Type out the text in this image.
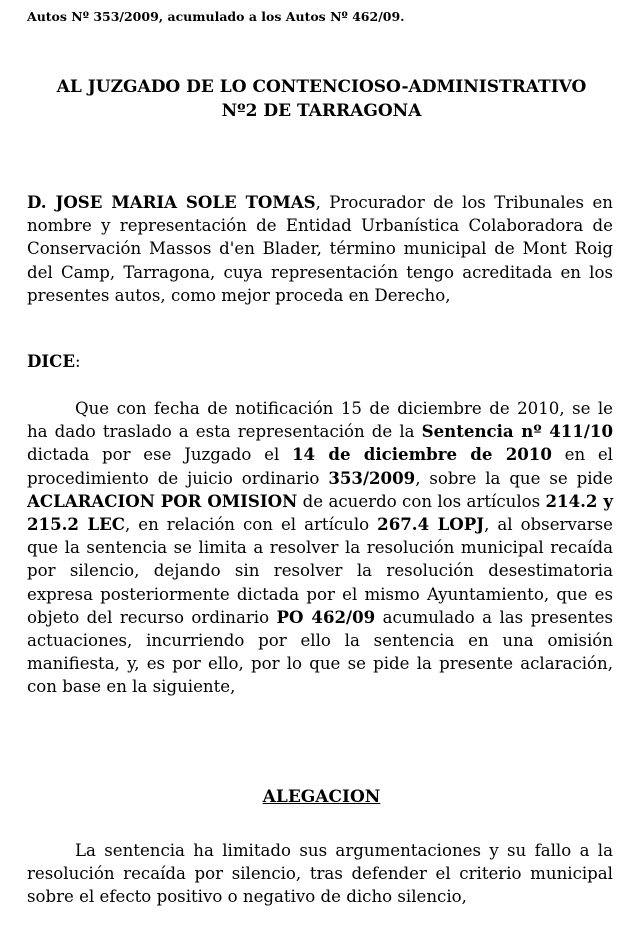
Autos Nº 353/2009, acumulado a los Autos Nº 462/09.
AL JUZGADO DE LO CONTENCIOSO-ADMINISTRATIVO
Nº2 DE TARRAGONA
D. JOSE MARIA SOLE TOMAS, Procurador de los Tribunales en nombre y representación de Entidad Urbanística Colaboradora de Conservación Massos d'en Blader, término municipal de Mont Roig del Camp, Tarragona, cuya representación tengo acreditada en los presentes autos, como mejor proceda en Derecho,
DICE:
Que con fecha de notificación 15 de diciembre de 2010, se le ha dado traslado a esta representación de la Sentencia nº 411/10 dictada por ese Juzgado el 14 de diciembre de 2010 en el procedimiento de juicio ordinario 353/2009, sobre la que se pide ACLARACION POR OMISION de acuerdo con los artículos 214.2 y 215.2 LEC, en relación con el artículo 267.4 LOPJ, al observarse que la sentencia se limita a resolver la resolución municipal recaída por silencio, dejando sin resolver la resolución desestimatoria expresa posteriormente dictada por el mismo Ayuntamiento, que es objeto del recurso ordinario PO 462/09 acumulado a las presentes actuaciones, incurriendo por ello la sentencia en una omisión manifiesta, y, es por ello, por lo que se pide la presente aclaración, con base en la siguiente,
ALEGACION
La sentencia ha limitado sus argumentaciones y su fallo a la resolución recaída por silencio, tras defender el criterio municipal sobre el efecto positivo o negativo de dicho silencio,
